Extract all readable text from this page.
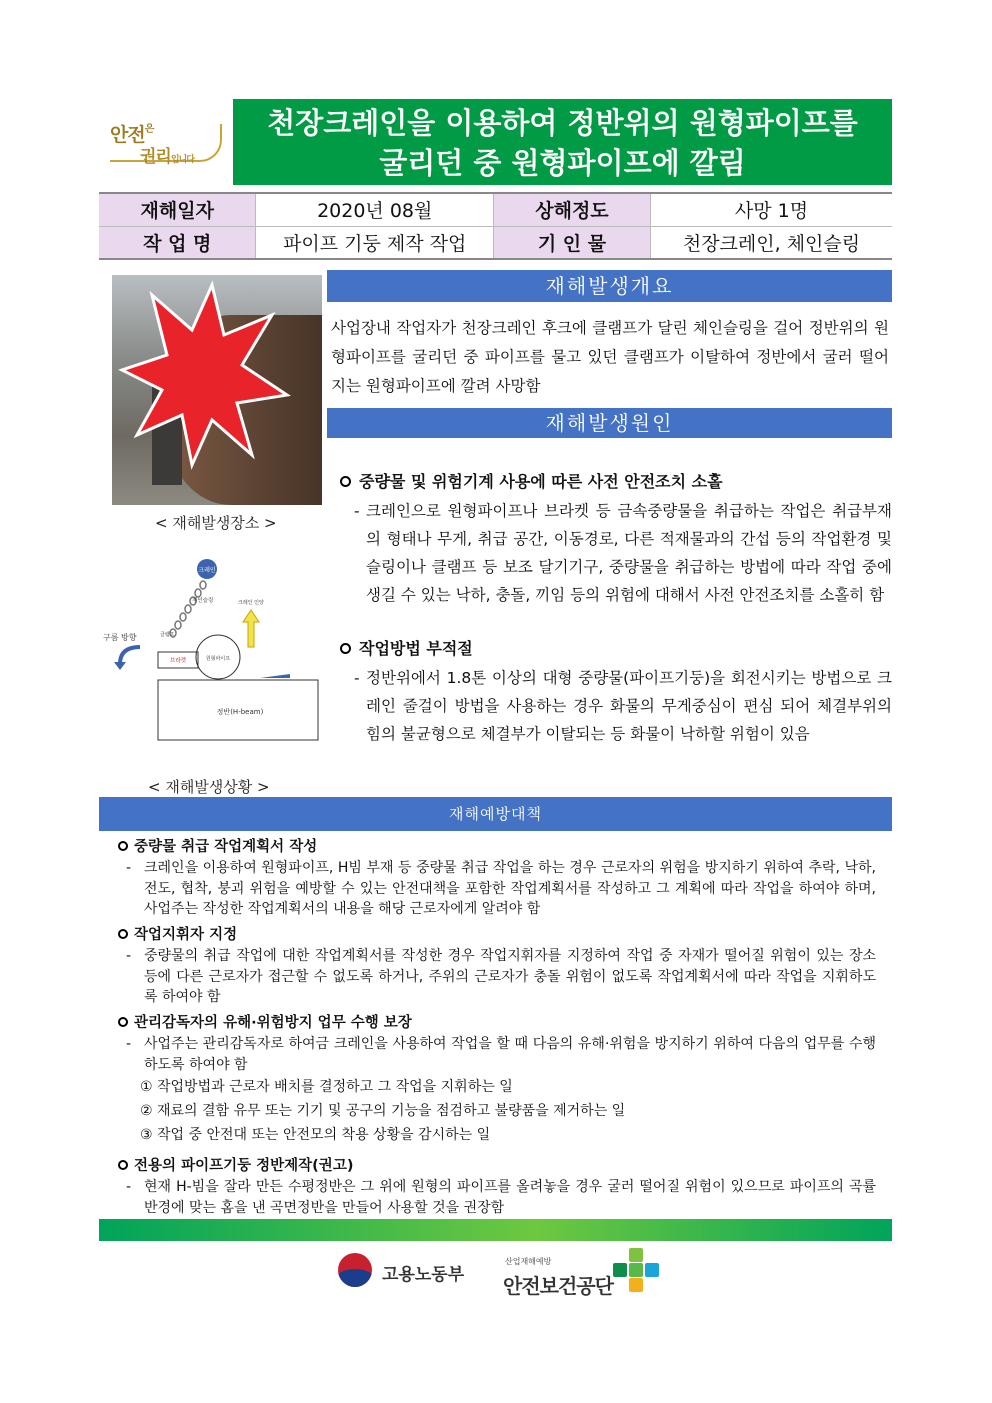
안전$^은$
권리입니다
천장크레인을 이용하여 정반위의 원형파이프를
굴리던 중 원형파이프에 깔림
재해일자	2020년 08월	상해정도	사망 1명
작 업 명	파이프 기둥 제작 작업	기 인 물	천장크레인, 체인슬링
< 재해발생장소 >
크레인
체인슬링	크레인 인양
원형파이프
클램프
브라켓
구름 방향
정반(H-beam)
< 재해발생상황 >
재해발생개요
사업장내 작업자가 천장크레인 후크에 클램프가 달린 체인슬링을 걸어 정반위의 원형파이프를 굴리던 중 파이프를 물고 있던 클램프가 이탈하여 정반에서 굴러 떨어지는 원형파이프에 깔려 사망함
재해발생원인
중량물 및 위험기계 사용에 따른 사전 안전조치 소홀
- 크레인으로 원형파이프나 브라켓 등 금속중량물을 취급하는 작업은 취급부재의 형태나 무게, 취급 공간, 이동경로, 다른 적재물과의 간섭 등의 작업환경 및 슬링이나 클램프 등 보조 달기기구, 중량물을 취급하는 방법에 따라 작업 중에 생길 수 있는 낙하, 충돌, 끼임 등의 위험에 대해서 사전 안전조치를 소홀히 함
작업방법 부적절
- 정반위에서 1.8톤 이상의 대형 중량물(파이프기둥)을 회전시키는 방법으로 크레인 줄걸이 방법을 사용하는 경우 화물의 무게중심이 편심 되어 체결부위의 힘의 불균형으로 체결부가 이탈되는 등 화물이 낙하할 위험이 있음
재해예방대책
중량물 취급 작업계획서 작성
- 크레인을 이용하여 원형파이프, H빔 부재 등 중량물 취급 작업을 하는 경우 근로자의 위험을 방지하기 위하여 추락, 낙하, 전도, 협착, 붕괴 위험을 예방할 수 있는 안전대책을 포함한 작업계획서를 작성하고 그 계획에 따라 작업을 하여야 하며, 사업주는 작성한 작업계획서의 내용을 해당 근로자에게 알려야 함
작업지휘자 지정
- 중량물의 취급 작업에 대한 작업계획서를 작성한 경우 작업지휘자를 지정하여 작업 중 자재가 떨어질 위험이 있는 장소 등에 다른 근로자가 접근할 수 없도록 하거나, 주위의 근로자가 충돌 위험이 없도록 작업계획서에 따라 작업을 지휘하도록 하여야 함
관리감독자의 유해·위험방지 업무 수행 보장
- 사업주는 관리감독자로 하여금 크레인을 사용하여 작업을 할 때 다음의 유해·위험을 방지하기 위하여 다음의 업무를 수행하도록 하여야 함
① 작업방법과 근로자 배치를 결정하고 그 작업을 지휘하는 일
② 재료의 결함 유무 또는 기기 및 공구의 기능을 점검하고 불량품을 제거하는 일
③ 작업 중 안전대 또는 안전모의 착용 상황을 감시하는 일
전용의 파이프기둥 정반제작(권고)
- 현재 H-빔을 잘라 만든 수평정반은 그 위에 원형의 파이프를 올려놓을 경우 굴러 떨어질 위험이 있으므로 파이프의 곡률반경에 맞는 홈을 낸 곡면정반을 만들어 사용할 것을 권장함
고용노동부
산업재해예방
안전보건공단
